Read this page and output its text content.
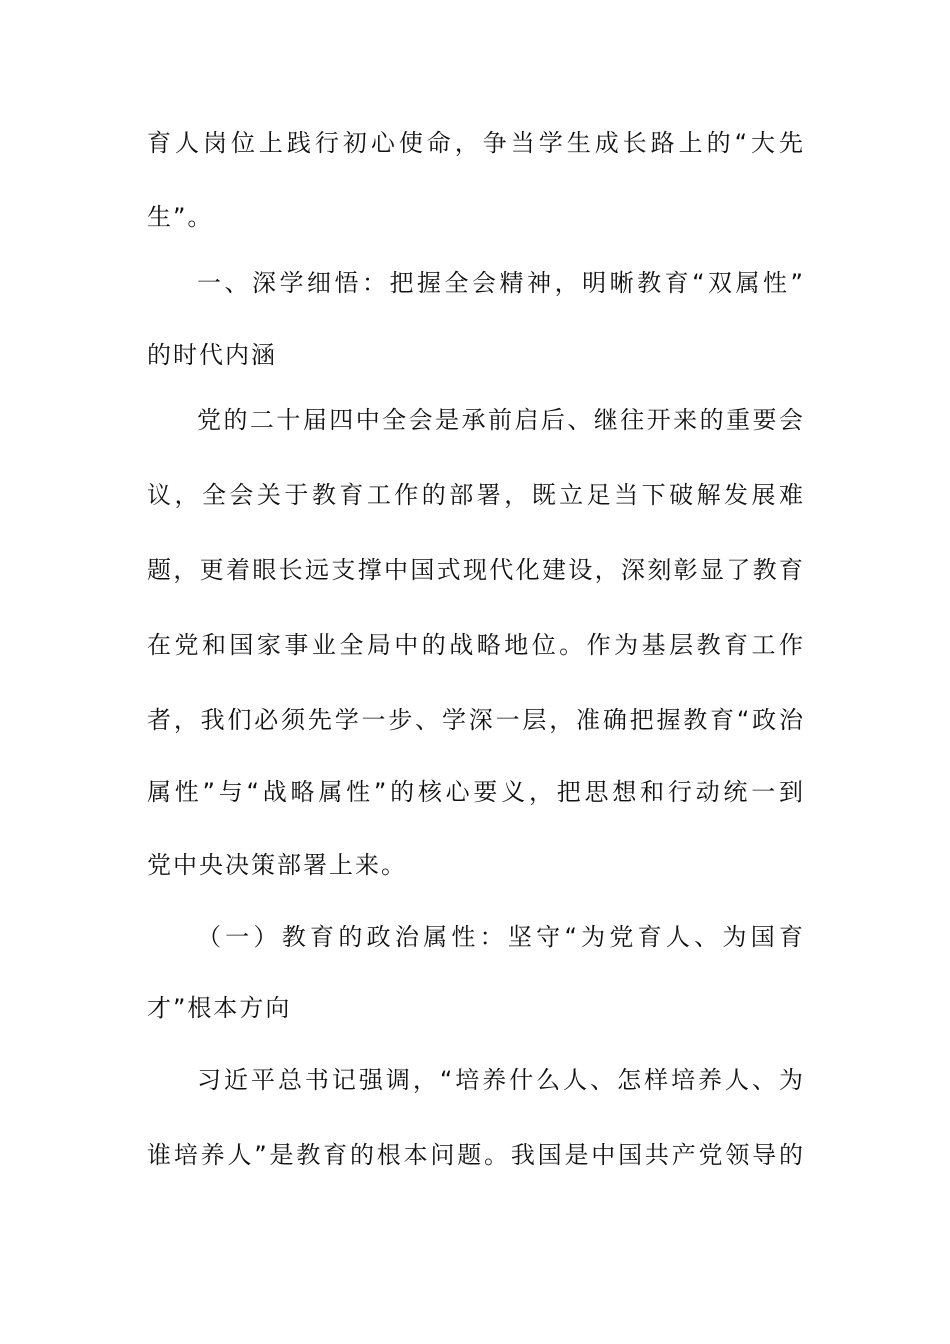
育人岗位上践行初心使命，争当学生成长路上的“大先
生”。
一、深学细悟：把握全会精神，明晰教育“双属性”
的时代内涵
党的二十届四中全会是承前启后、继往开来的重要会
议，全会关于教育工作的部署，既立足当下破解发展难
题，更着眼长远支撑中国式现代化建设，深刻彰显了教育
在党和国家事业全局中的战略地位。作为基层教育工作
者，我们必须先学一步、学深一层，准确把握教育“政治
属性”与“战略属性”的核心要义，把思想和行动统一到
党中央决策部署上来。
（一）教育的政治属性：坚守“为党育人、为国育
才”根本方向
习近平总书记强调，“培养什么人、怎样培养人、为
谁培养人”是教育的根本问题。我国是中国共产党领导的
